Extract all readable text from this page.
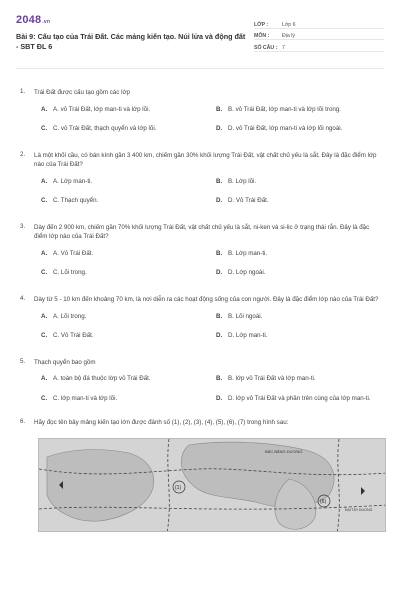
2048.vn
Bài 9: Cấu tạo của Trái Đất. Các mảng kiến tạo. Núi lửa và động đất - SBT ĐL 6
LỚP :	Lớp 6
MÔN :	Địa lý
SỐ CÂU : 7
1. Trái Đất được cấu tạo gồm các lớp
A. A. vỏ Trái Đất, lớp man-ti và lớp lõi.	B. B. vỏ Trái Đất, lớp man-ti và lớp lõi trong.
C. C. vỏ Trái Đất, thạch quyển và lớp lõi.	D. D. vỏ Trái Đất, lớp man-ti và lớp lõi ngoài.
2. Là một khối cầu, có bán kính gần 3 400 km, chiếm gần 30% khối lượng Trái Đất, vật chất chủ yếu là sắt. Đây là đặc điểm lớp nào của Trái Đất?
A. A. Lớp man-ti.	B. B. Lớp lõi.
C. C. Thạch quyển.	D. D. Vỏ Trái Đất.
3. Dày đến 2 900 km, chiếm gần 70% khối lượng Trái Đất, vật chất chủ yếu là sắt, ni-ken và si-lic ở trạng thái rắn. Đây là đặc điểm lớp nào của Trái Đất?
A. A. Vỏ Trái Đất.	B. B. Lớp man-ti.
C. C. Lõi trong.	D. D. Lớp ngoài.
4. Dày từ 5 - 10 km đến khoảng 70 km, là nơi diễn ra các hoạt động sống của con người. Đây là đặc điểm lớp nào của Trái Đất?
A. A. Lõi trong.	B. B. Lõi ngoài.
C. C. Vỏ Trái Đất.	D. D. Lớp man-ti.
5. Thạch quyển bao gồm
A. A. toàn bộ đá thuộc lớp vỏ Trái Đất.	B. B. lớp vỏ Trái Đất và lớp man-ti.
C. C. lớp man-ti và lớp lõi.	D. D. lớp vỏ Trái Đất và phần trên cùng của lớp man-ti.
6. Hãy đọc tên bảy mảng kiến tạo lớn được đánh số (1), (2), (3), (4), (5), (6), (7) trong hình sau:
BẮC BĂNG DƯƠNG
(1)
(6)
ĐẠI TÂY DƯƠNG
